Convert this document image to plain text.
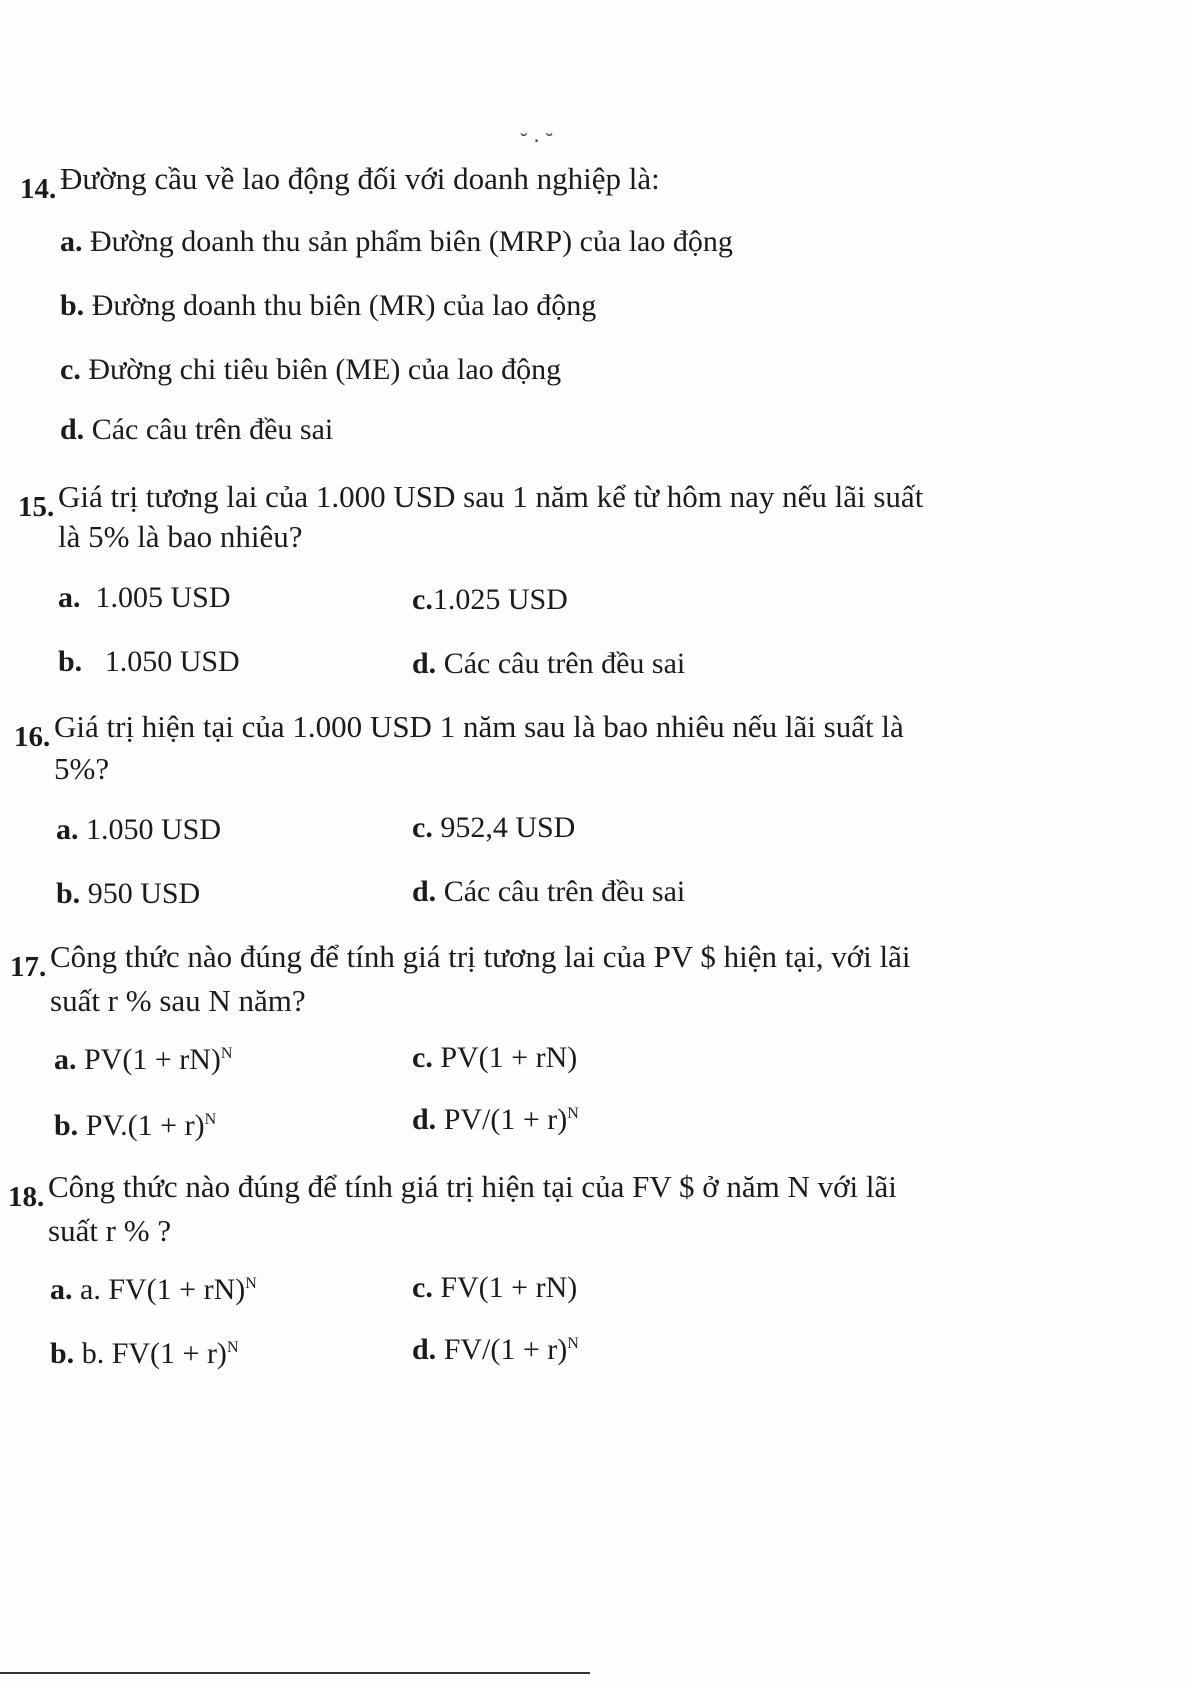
˘ · ˘
14. Đường cầu về lao động đối với doanh nghiệp là:
a. Đường doanh thu sản phẩm biên (MRP) của lao động
b. Đường doanh thu biên (MR) của lao động
c. Đường chi tiêu biên (ME) của lao động
d. Các câu trên đều sai
15. Giá trị tương lai của 1.000 USD sau 1 năm kể từ hôm nay nếu lãi suất
là 5% là bao nhiêu?
a. 1.005 USD	c.1.025 USD
b. 1.050 USD	d. Các câu trên đều sai
16. Giá trị hiện tại của 1.000 USD 1 năm sau là bao nhiêu nếu lãi suất là
5%?
a. 1.050 USD	c. 952,4 USD
b. 950 USD	d. Các câu trên đều sai
17. Công thức nào đúng để tính giá trị tương lai của PV $ hiện tại, với lãi
suất r % sau N năm?
a. PV(1 + rN)$^N$	c. PV(1 + rN)
b. $PV.(1 + r)^N$	d. $PV/(1 + r)^N$
18. Công thức nào đúng để tính giá trị hiện tại của FV $ ở năm N với lãi
suất r % ?
a. a. FV(1 + rN)$^N$	c. FV(1 + rN)
b. b. $FV(1 + r)^N$	d. $FV/(1 + r)^N$
